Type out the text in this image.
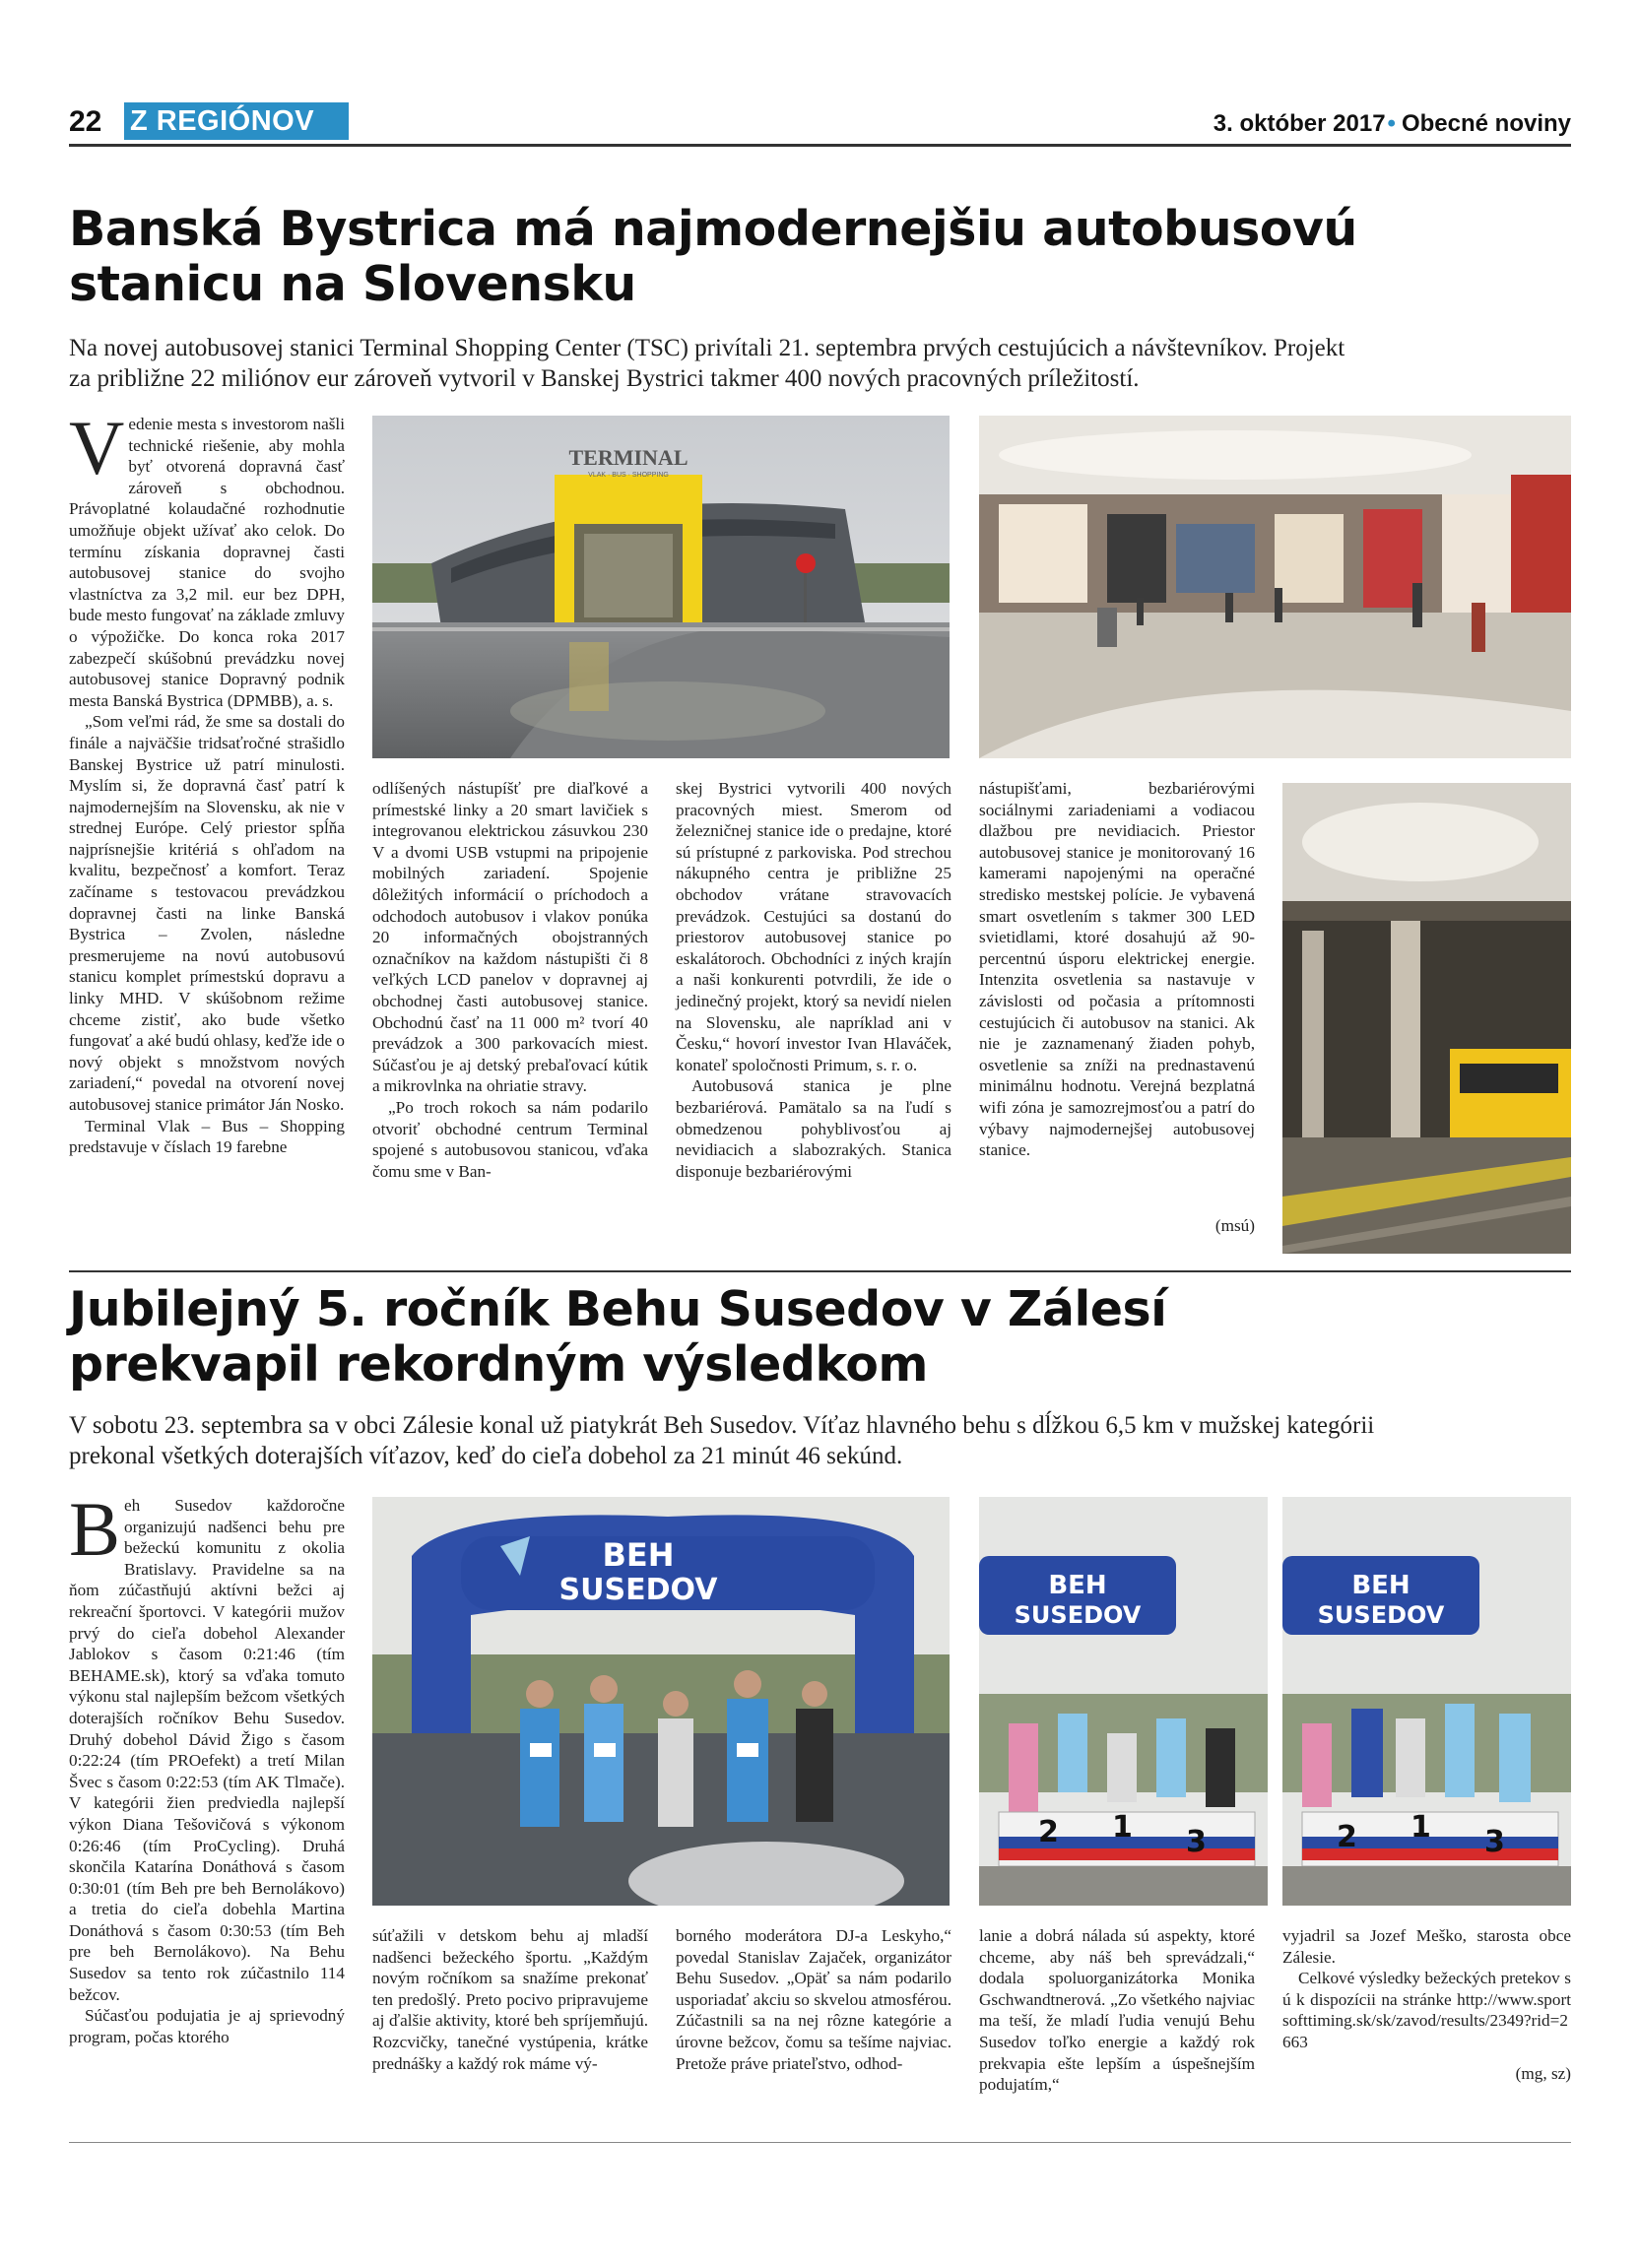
22 Z REGIÓNOV	3. október 2017• Obecné noviny
Banská Bystrica má najmodernejšiu autobusovú
stanicu na Slovensku

Na novej autobusovej stanici Terminal Shopping Center (TSC) privítali 21. septembra prvých cestujúcich a návštevníkov. Projekt

za približne 22 miliónov eur zároveň vytvoril v Banskej Bystrici takmer 400 nových pracovných príležitostí.

Vedenie mesta s investorom našli technické riešenie, aby mohla byť otvorená dopravná časť zároveň s obchodnou. Právoplatné kolaudačné rozhodnutie umožňuje objekt užívať ako celok. Do termínu získania dopravnej časti autobusovej stanice do svojho vlastníctva za 3,2 mil. eur bez DPH, bude mesto fungovať na základe zmluvy o výpožičke. Do konca roka 2017 zabezpečí skúšobnú prevádzku novej autobusovej stanice Dopravný podnik mesta Banská Bystrica (DPMBB), a. s.

„Som veľmi rád, že sme sa dostali do finále a najväčšie tridsaťročné strašidlo Banskej Bystrice už patrí minulosti. Myslím si, že dopravná časť patrí k najmodernejším na Slovensku, ak nie v strednej Európe. Celý priestor spĺňa najprísnejšie kritériá s ohľadom na kvalitu, bezpečnosť a komfort. Teraz začíname s testovacou prevádzkou dopravnej časti na linke Banská Bystrica – Zvolen, následne presmerujeme na novú autobusovú stanicu komplet prímestskú dopravu a linky MHD. V skúšobnom režime chceme zistiť, ako bude všetko fungovať a aké budú ohlasy, keďže ide o nový objekt s množstvom nových zariadení,“ povedal na otvorení novej autobusovej stanice primátor Ján Nosko.

Terminal Vlak – Bus – Shopping predstavuje v číslach 19 farebne

TERMINAL
VLAK · BUS · SHOPPING

odlíšených nástupíšť pre diaľkové a prímestské linky a 20 smart lavičiek s integrovanou elektrickou zásuvkou 230 V a dvomi USB vstupmi na pripojenie mobilných zariadení. Spojenie dôležitých informácií o príchodoch a odchodoch autobusov i vlakov ponúka 20 informačných obojstranných označníkov na každom nástupišti či 8 veľkých LCD panelov v dopravnej aj obchodnej časti autobusovej stanice. Obchodnú časť na 11 000 m² tvorí 40 prevádzok a 300 parkovacích miest. Súčasťou je aj detský prebaľovací kútik a mikrovlnka na ohriatie stravy.

„Po troch rokoch sa nám podarilo otvoriť obchodné centrum Terminal spojené s autobusovou stanicou, vďaka čomu sme v Ban-

skej Bystrici vytvorili 400 nových pracovných miest. Smerom od železničnej stanice ide o predajne, ktoré sú prístupné z parkoviska. Pod strechou nákupného centra je približne 25 obchodov vrátane stravovacích prevádzok. Cestujúci sa dostanú do priestorov autobusovej stanice po eskalátoroch. Obchodníci z iných krajín a naši konkurenti potvrdili, že ide o jedinečný projekt, ktorý sa nevidí nielen na Slovensku, ale napríklad ani v Česku,“ hovorí investor Ivan Hlaváček, konateľ spoločnosti Primum, s. r. o.

Autobusová stanica je plne bezbariérová. Pamätalo sa na ľudí s obmedzenou pohyblivosťou aj nevidiacich a slabozrakých. Stanica disponuje bezbariérovými

nástupišťami, bezbariérovými sociálnymi zariadeniami a vodiacou dlažbou pre nevidiacich. Priestor autobusovej stanice je monitorovaný 16 kamerami napojenými na operačné stredisko mestskej polície. Je vybavená smart osvetlením s takmer 300 LED svietidlami, ktoré dosahujú až 90-percentnú úsporu elektrickej energie. Intenzita osvetlenia sa nastavuje v závislosti od počasia a prítomnosti cestujúcich či autobusov na stanici. Ak nie je zaznamenaný žiaden pohyb, osvetlenie sa zníži na prednastavenú minimálnu hodnotu. Verejná bezplatná wifi zóna je samozrejmosťou a patrí do výbavy najmodernejšej autobusovej stanice.

(msú)
Jubilejný 5. ročník Behu Susedov v Zálesí
prekvapil rekordným výsledkom

V sobotu 23. septembra sa v obci Zálesie konal už piatykrát Beh Susedov. Víťaz hlavného behu s dĺžkou 6,5 km v mužskej kategórii

prekonal všetkých doterajších víťazov, keď do cieľa dobehol za 21 minút 46 sekúnd.

Beh Susedov každoročne organizujú nadšenci behu pre bežeckú komunitu z okolia Bratislavy. Pravidelne sa na ňom zúčastňujú aktívni bežci aj rekreační športovci. V kategórii mužov prvý do cieľa dobehol Alexander Jablokov s časom 0:21:46 (tím BEHAME.sk), ktorý sa vďaka tomuto výkonu stal najlepším bežcom všetkých doterajších ročníkov Behu Susedov. Druhý dobehol Dávid Žigo s časom 0:22:24 (tím PROefekt) a tretí Milan Švec s časom 0:22:53 (tím AK Tlmače). V kategórii žien predviedla najlepší výkon Diana Tešovičová s výkonom 0:26:46 (tím ProCycling). Druhá skončila Katarína Donáthová s časom 0:30:01 (tím Beh pre beh Bernolákovo) a tretia do cieľa dobehla Martina Donáthová s časom 0:30:53 (tím Beh pre beh Bernolákovo). Na Behu Susedov sa tento rok zúčastnilo 114 bežcov.

Súčasťou podujatia je aj sprievodný program, počas ktorého

BEH
SUSEDOV	BEH
SUSEDOV
2 1 3
BEH
SUSEDOV
2 1 3

súťažili v detskom behu aj mladší nadšenci bežeckého športu. „Každým novým ročníkom sa snažíme prekonať ten predošlý. Preto pocivo pripravujeme aj ďalšie aktivity, ktoré beh spríjemňujú. Rozcvičky, tanečné vystúpenia, krátke prednášky a každý rok máme vý-

borného moderátora DJ-a Leskyho,“ povedal Stanislav Zajaček, organizátor Behu Susedov. „Opäť sa nám podarilo usporiadať akciu so skvelou atmosférou. Zúčastnili sa na nej rôzne kategórie a úrovne bežcov, čomu sa tešíme najviac. Pretože práve priateľstvo, odhod-

lanie a dobrá nálada sú aspekty, ktoré chceme, aby náš beh sprevádzali,“ dodala spoluorganizátorka Monika Gschwandtnerová. „Zo všetkého najviac ma teší, že mladí ľudia venujú Behu Susedov toľko energie a každý rok prekvapia ešte lepším a úspešnejším podujatím,“

vyjadril sa Jozef Meško, starosta obce Zálesie.

Celkové výsledky bežeckých pretekov sú k dispozícii na stránke http://www.sportsofttiming.sk/sk/zavod/results/2349?rid=2663

(mg, sz)
